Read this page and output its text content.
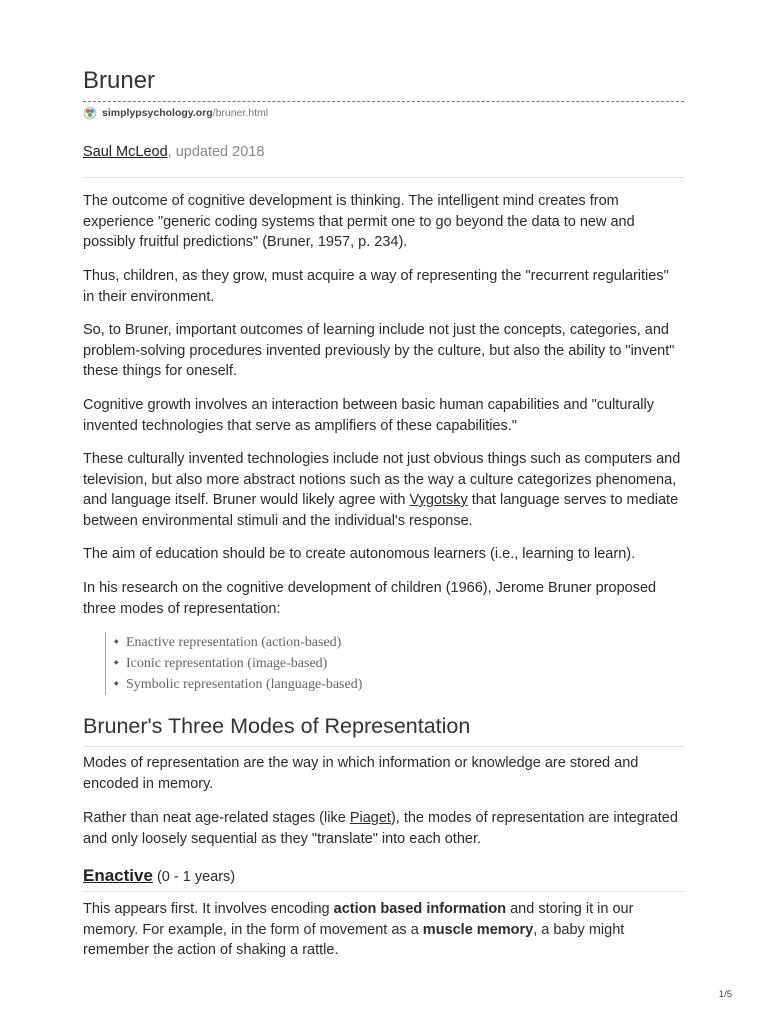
Bruner
simplypsychology.org /bruner.html
Saul McLeod, updated 2018

The outcome of cognitive development is thinking. The intelligent mind creates from experience "generic coding systems that permit one to go beyond the data to new and possibly fruitful predictions" (Bruner, 1957, p. 234).

Thus, children, as they grow, must acquire a way of representing the "recurrent regularities" in their environment.

So, to Bruner, important outcomes of learning include not just the concepts, categories, and problem-solving procedures invented previously by the culture, but also the ability to "invent" these things for oneself.

Cognitive growth involves an interaction between basic human capabilities and "culturally invented technologies that serve as amplifiers of these capabilities."

These culturally invented technologies include not just obvious things such as computers and television, but also more abstract notions such as the way a culture categorizes phenomena, and language itself. Bruner would likely agree with Vygotsky that language serves to mediate between environmental stimuli and the individual's response.

The aim of education should be to create autonomous learners (i.e., learning to learn).

In his research on the cognitive development of children (1966), Jerome Bruner proposed three modes of representation:

◆ Enactive representation (action-based)
◆ Iconic representation (image-based)
◆ Symbolic representation (language-based)
Bruner's Three Modes of Representation

Modes of representation are the way in which information or knowledge are stored and encoded in memory.

Rather than neat age-related stages (like Piaget), the modes of representation are integrated and only loosely sequential as they "translate" into each other.

Enactive (0 - 1 years)

This appears first. It involves encoding action based information and storing it in our memory. For example, in the form of movement as a muscle memory, a baby might remember the action of shaking a rattle.

1/5
